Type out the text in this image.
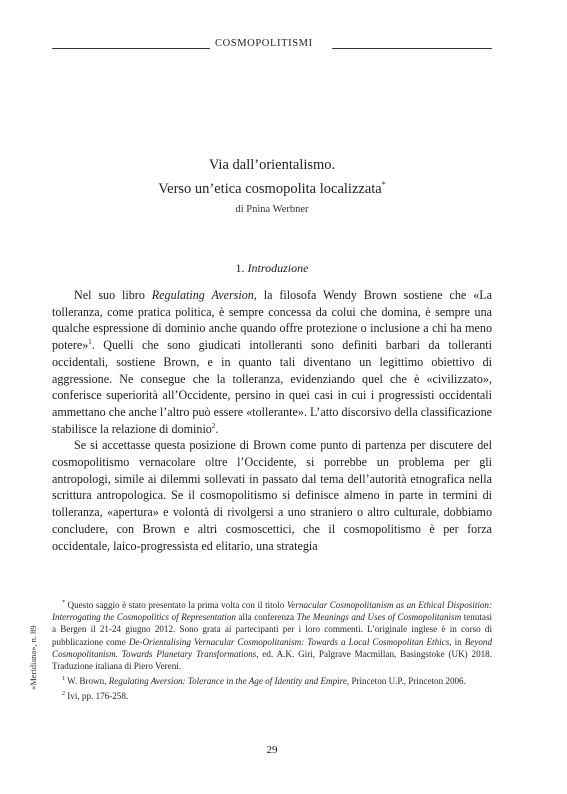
COSMOPOLITISMI
Via dall’orientalismo.
Verso un’etica cosmopolita localizzata*
di Pnina Werbner
1. Introduzione

Nel suo libro Regulating Aversion, la filosofa Wendy Brown sostiene che «La tolleranza, come pratica politica, è sempre concessa da colui che domina, è sempre una qualche espressione di dominio anche quando offre protezione o inclusione a chi ha meno potere»$^1$. Quelli che sono giudicati intolleranti sono definiti barbari da tolleranti occidentali, sostiene Brown, e in quanto tali diventano un legittimo obiettivo di aggressione. Ne consegue che la tolleranza, evidenziando quel che è «civilizzato», conferisce superiorità all’Occidente, persino in quei casi in cui i progressisti occidentali ammettano che anche l’altro può essere «tollerante». L’atto discorsivo della classificazione stabilisce la relazione di dominio$^2$.

Se si accettasse questa posizione di Brown come punto di partenza per discutere del cosmopolitismo vernacolare oltre l’Occidente, si porrebbe un problema per gli antropologi, simile ai dilemmi sollevati in passato dal tema dell’autorità etnografica nella scrittura antropologica. Se il cosmopolitismo si definisce almeno in parte in termini di tolleranza, «apertura» e volontà di rivolgersi a uno straniero o altro culturale, dobbiamo concludere, con Brown e altri cosmoscettici, che il cosmopolitismo è per forza occidentale, laico-progressista ed elitario, una strategia

* Questo saggio è stato presentato la prima volta con il titolo Vernacular Cosmopolitanism as an Ethical Disposition: Interrogating the Cosmopolitics of Representation alla conferenza The Meanings and Uses of Cosmopolitanism tenutasi a Bergen il 21-24 giugno 2012. Sono grata ai partecipanti per i loro commenti. L’originale inglese è in corso di pubblicazione come De-Orientalising Vernacular Cosmopolitanism: Towards a Local Cosmopolitan Ethics, in Beyond Cosmopolitanism. Towards Planetary Transformations, ed. A.K. Giri, Palgrave Macmillan, Basingstoke (UK) 2018. Traduzione italiana di Piero Vereni.

$^1$ W. Brown, Regulating Aversion: Tolerance in the Age of Identity and Empire, Princeton U.P., Princeton 2006.

$^2$ Ivi, pp. 176-258.

«Meridiana», n. 89
29
